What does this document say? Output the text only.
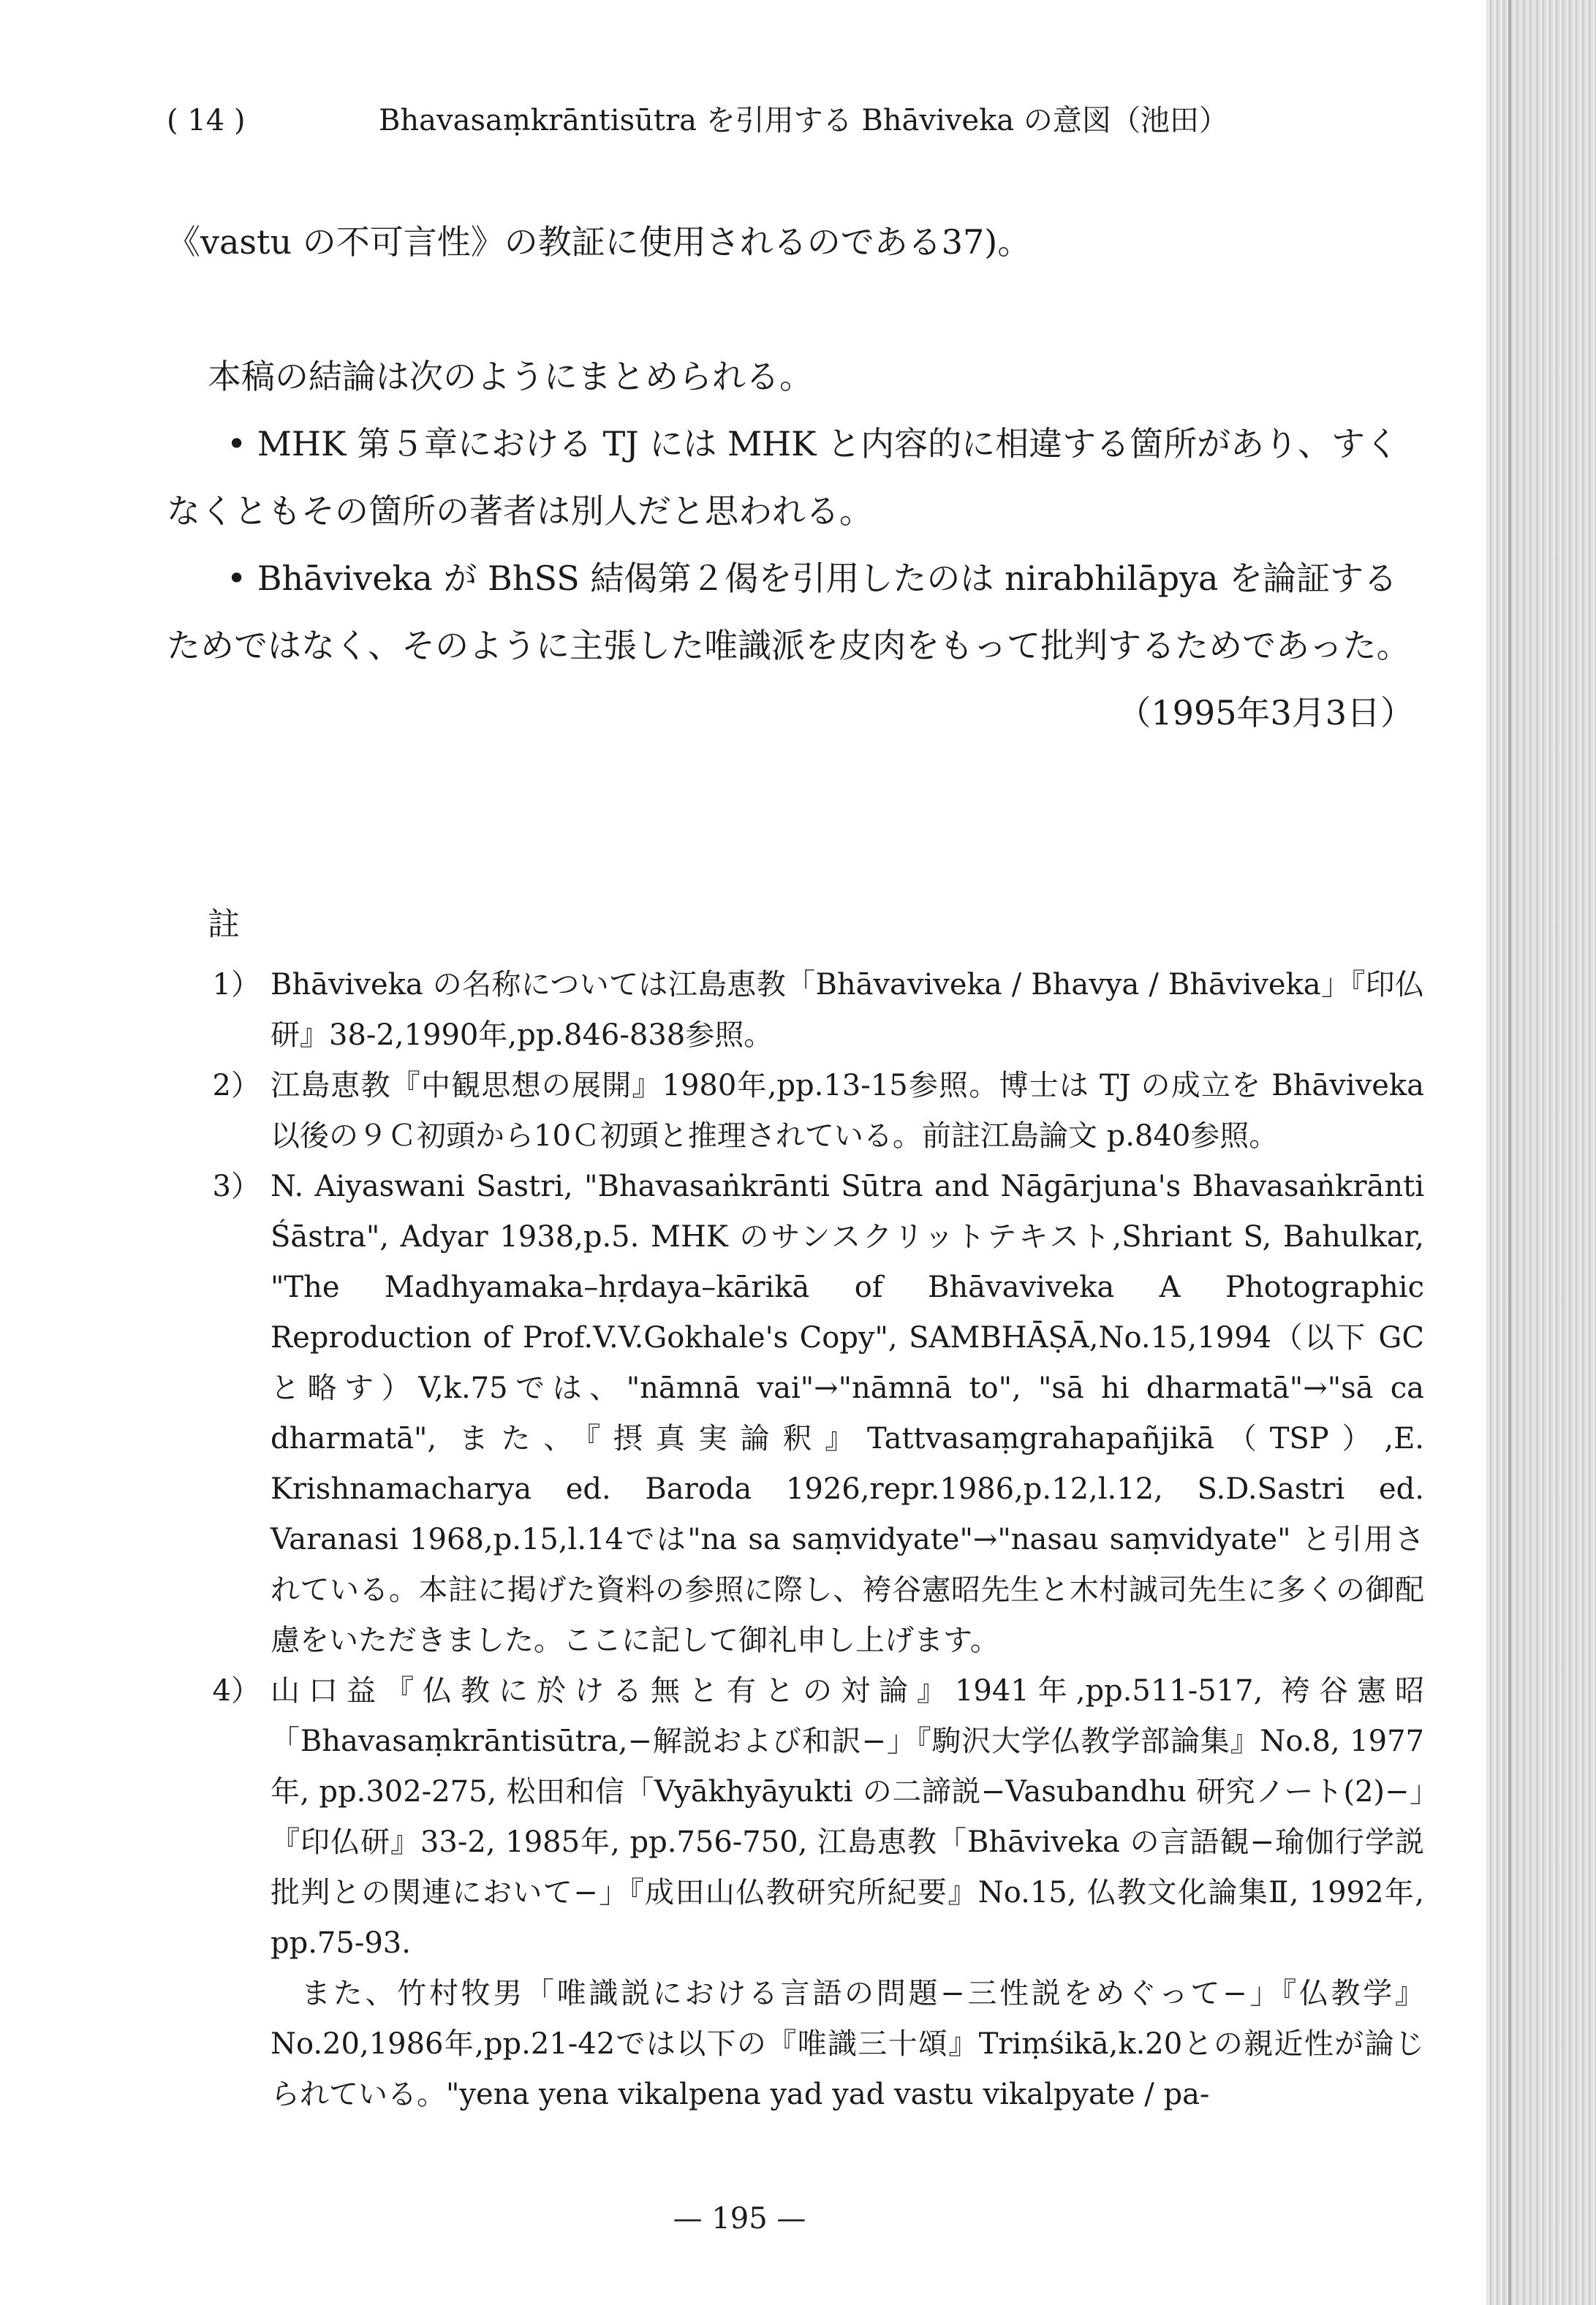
( 14 )	Bhavasaṃkrāntisūtra を引用する Bhāviveka の意図（池田）

《vastu の不可言性》の教証に使用されるのである37)。

本稿の結論は次のようにまとめられる。

• MHK 第５章における TJ には MHK と内容的に相違する箇所があり、すくなくともその箇所の著者は別人だと思われる。

• Bhāviveka が BhSS 結偈第２偈を引用したのは nirabhilāpya を論証するためではなく、そのように主張した唯識派を皮肉をもって批判するためであった。

（1995年3月3日）

註
1） Bhāviveka の名称については江島恵教「Bhāvaviveka / Bhavya / Bhāviveka」『印仏研』38-2,1990年,pp.846-838参照。
2） 江島恵教『中観思想の展開』1980年,pp.13-15参照。博士は TJ の成立を Bhāviveka 以後の９Ｃ初頭から10Ｃ初頭と推理されている。前註江島論文 p.840参照。
3） N. Aiyaswani Sastri, "Bhavasaṅkrānti Sūtra and Nāgārjuna's Bhavasaṅkrānti Śāstra", Adyar 1938,p.5. MHK のサンスクリットテキスト,Shriant S, Bahulkar, "The Madhyamaka–hṛdaya–kārikā of Bhāvaviveka A Photographic Reproduction of Prof.V.V.Gokhale's Copy", SAMBHĀṢĀ,No.15,1994（以下 GC と略す）V,k.75では、"nāmnā vai"→"nāmnā to", "sā hi dharmatā"→"sā ca dharmatā", また、『摂真実論釈』Tattvasaṃgrahapañjikā（TSP）,E. Krishnamacharya ed. Baroda 1926,repr.1986,p.12,l.12, S.D.Sastri ed. Varanasi 1968,p.15,l.14では"na sa saṃvidyate"→"nasau saṃvidyate" と引用されている。本註に掲げた資料の参照に際し、袴谷憲昭先生と木村誠司先生に多くの御配慮をいただきました。ここに記して御礼申し上げます。
4） 山口益『仏教に於ける無と有との対論』1941年,pp.511-517, 袴谷憲昭「Bhavasaṃkrāntisūtra,−解説および和訳−」『駒沢大学仏教学部論集』No.8, 1977年, pp.302-275, 松田和信「Vyākhyāyukti の二諦説−Vasubandhu 研究ノート(2)−」『印仏研』33-2, 1985年, pp.756-750, 江島恵教「Bhāviveka の言語観−瑜伽行学説批判との関連において−」『成田山仏教研究所紀要』No.15, 仏教文化論集Ⅱ, 1992年, pp.75-93.

また、竹村牧男「唯識説における言語の問題−三性説をめぐって−」『仏教学』No.20,1986年,pp.21-42では以下の『唯識三十頌』Triṃśikā,k.20との親近性が論じられている。"yena yena vikalpena yad yad vastu vikalpyate / pa-

— 195 —
